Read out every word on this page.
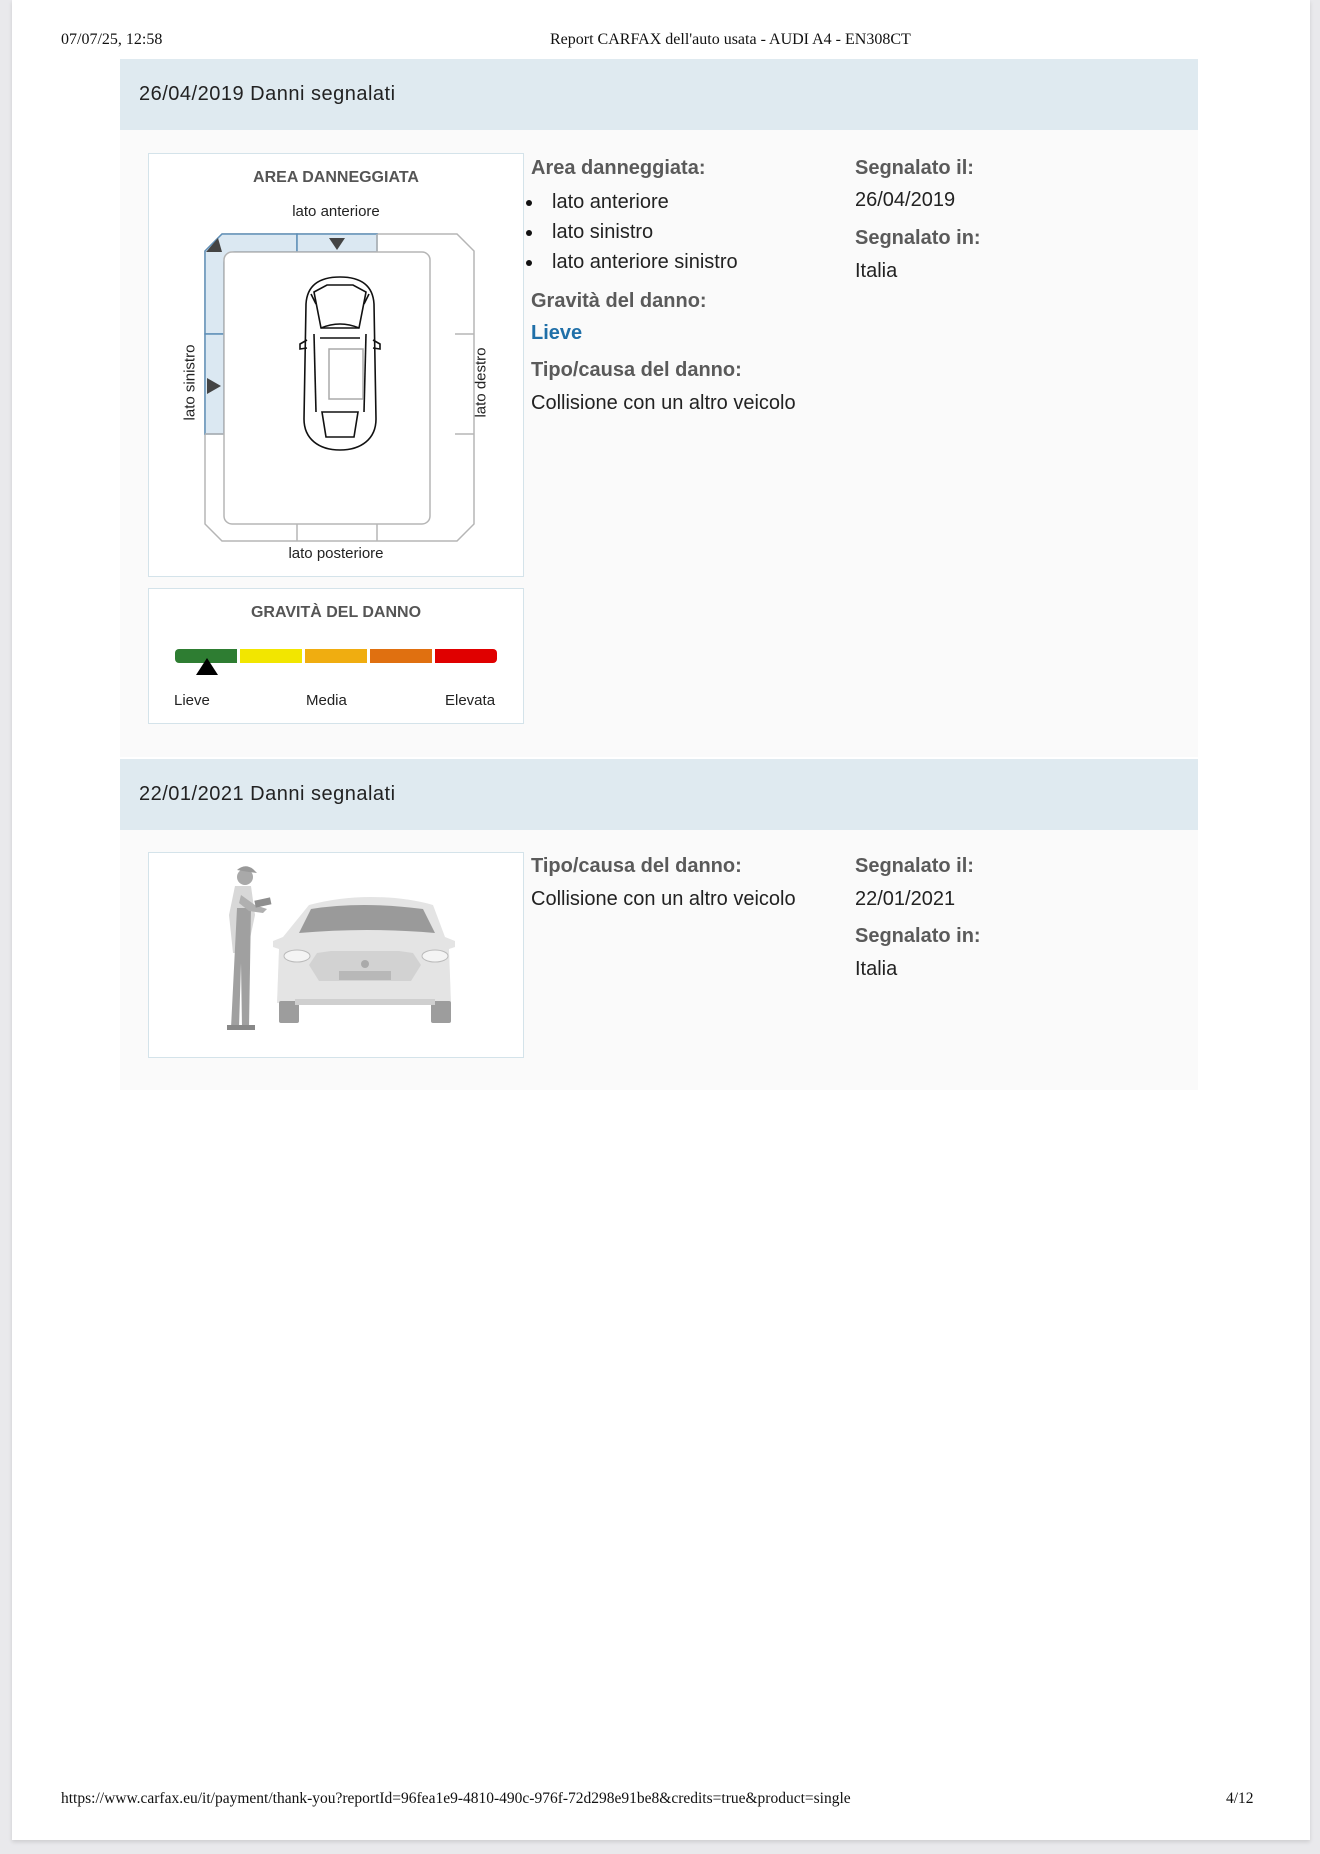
07/07/25, 12:58	Report CARFAX dell'auto usata - AUDI A4 - EN308CT
26/04/2019 Danni segnalati
AREA DANNEGGIATA
lato anteriore
lato posteriore
lato sinistro	lato destro
GRAVITÀ DEL DANNO
Lieve	Media	Elevata
Area danneggiata:
lato anteriore
lato sinistro
lato anteriore sinistro
Gravità del danno:
Lieve
Tipo/causa del danno:
Collisione con un altro veicolo
Segnalato il:
26/04/2019
Segnalato in:
Italia
22/01/2021 Danni segnalati
Tipo/causa del danno:
Collisione con un altro veicolo
Segnalato il:
22/01/2021
Segnalato in:
Italia
https://www.carfax.eu/it/payment/thank-you?reportId=96fea1e9-4810-490c-976f-72d298e91be8&credits=true&product=single	4/12
